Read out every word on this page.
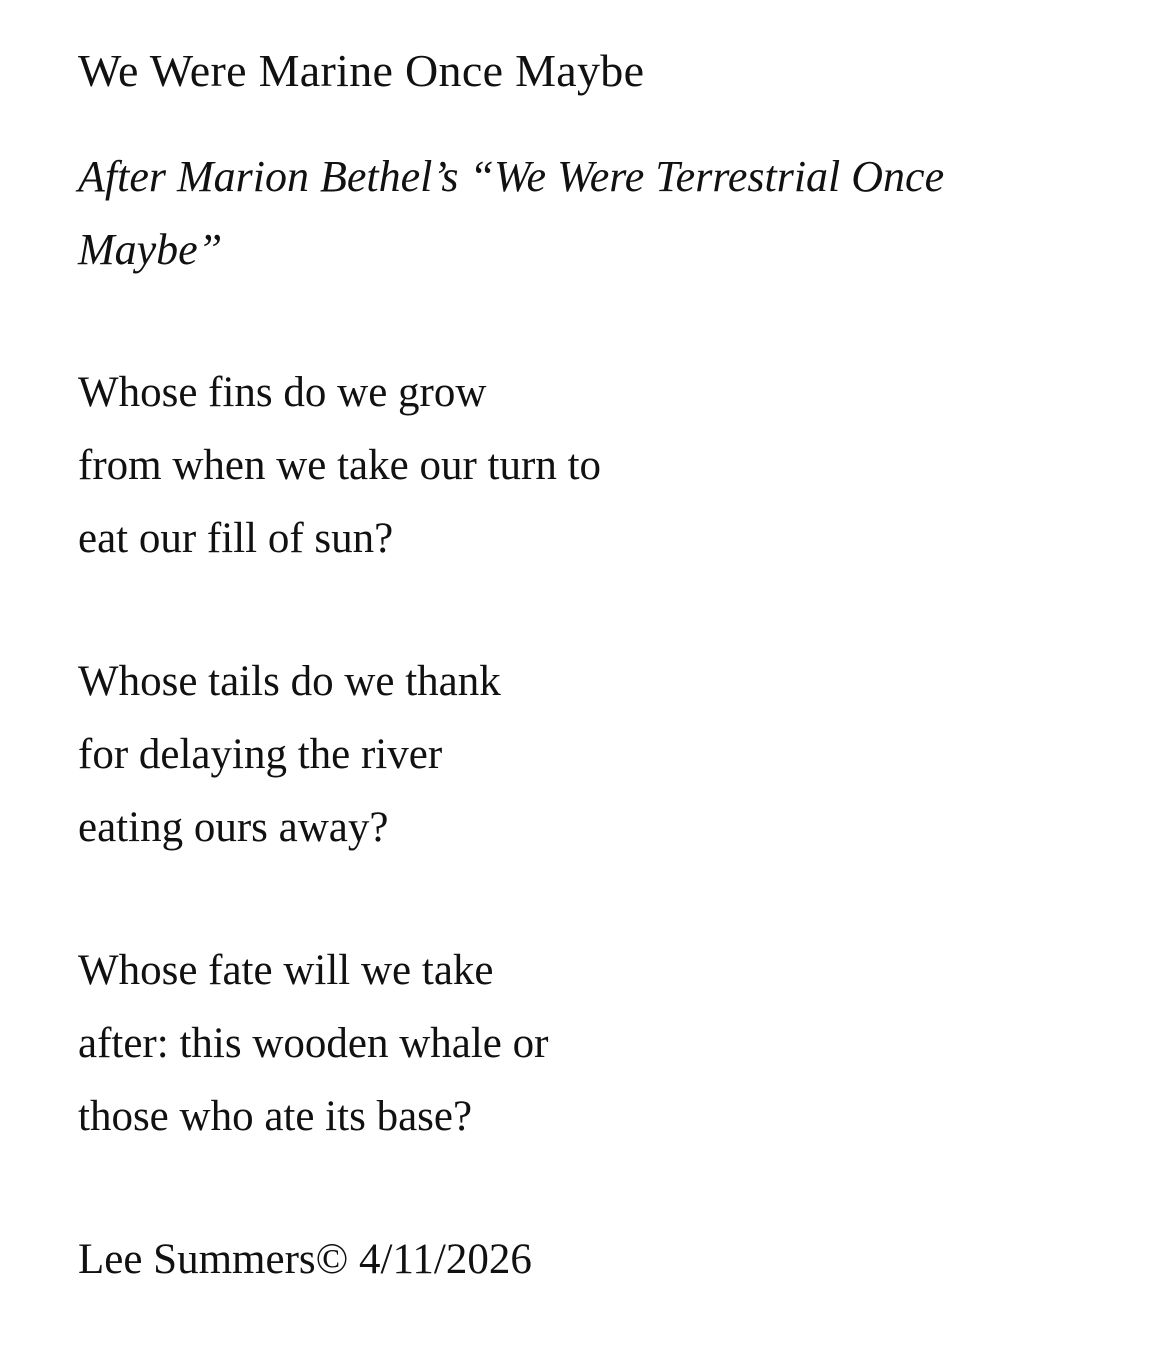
We Were Marine Once Maybe

After Marion Bethel’s “We Were Terrestrial Once
Maybe”

Whose fins do we grow
from when we take our turn to
eat our fill of sun?

Whose tails do we thank
for delaying the river
eating ours away?

Whose fate will we take
after: this wooden whale or
those who ate its base?

Lee Summers© 4/11/2026
